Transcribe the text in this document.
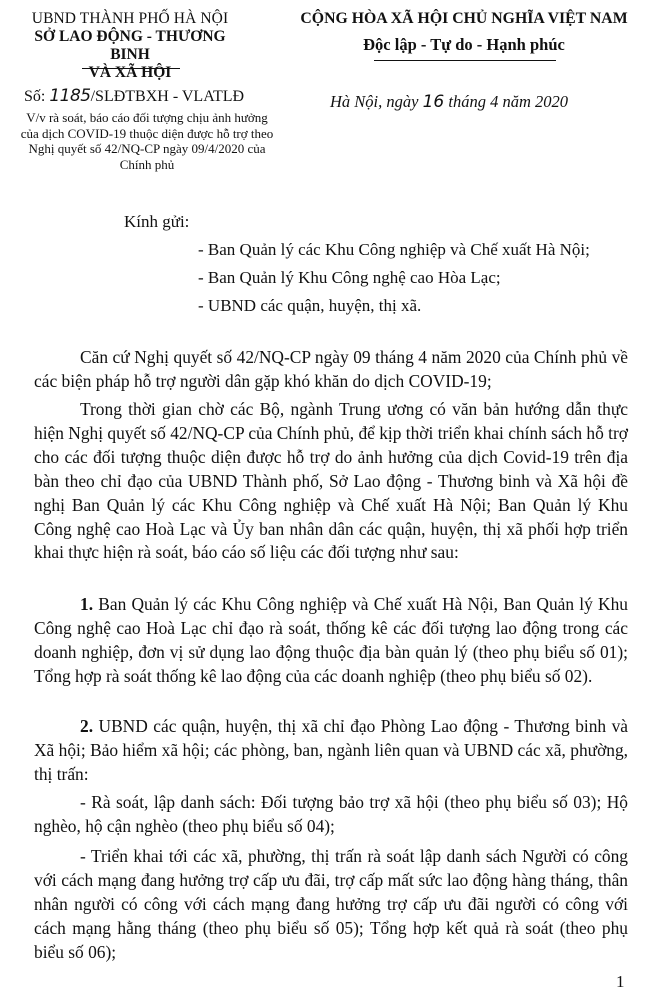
UBND THÀNH PHỐ HÀ NỘI
SỞ LAO ĐỘNG - THƯƠNG BINH
VÀ XÃ HỘI
CỘNG HÒA XÃ HỘI CHỦ NGHĨA VIỆT NAM
Độc lập - Tự do - Hạnh phúc
Số: 1185/SLĐTBXH - VLATLĐ
V/v rà soát, báo cáo đối tượng chịu ảnh hưởng của dịch COVID-19 thuộc diện được hỗ trợ theo Nghị quyết số 42/NQ-CP ngày 09/4/2020 của Chính phủ
Hà Nội, ngày 16 tháng 4 năm 2020
Kính gửi:
- Ban Quản lý các Khu Công nghiệp và Chế xuất Hà Nội;
- Ban Quản lý Khu Công nghệ cao Hòa Lạc;
- UBND các quận, huyện, thị xã.

Căn cứ Nghị quyết số 42/NQ-CP ngày 09 tháng 4 năm 2020 của Chính phủ về các biện pháp hỗ trợ người dân gặp khó khăn do dịch COVID-19;

Trong thời gian chờ các Bộ, ngành Trung ương có văn bản hướng dẫn thực hiện Nghị quyết số 42/NQ-CP của Chính phủ, để kịp thời triển khai chính sách hỗ trợ cho các đối tượng thuộc diện được hỗ trợ do ảnh hưởng của dịch Covid-19 trên địa bàn theo chỉ đạo của UBND Thành phố, Sở Lao động - Thương binh và Xã hội đề nghị Ban Quản lý các Khu Công nghiệp và Chế xuất Hà Nội; Ban Quản lý Khu Công nghệ cao Hoà Lạc và Ủy ban nhân dân các quận, huyện, thị xã phối hợp triển khai thực hiện rà soát, báo cáo số liệu các đối tượng như sau:

1. Ban Quản lý các Khu Công nghiệp và Chế xuất Hà Nội, Ban Quản lý Khu Công nghệ cao Hoà Lạc chỉ đạo rà soát, thống kê các đối tượng lao động trong các doanh nghiệp, đơn vị sử dụng lao động thuộc địa bàn quản lý (theo phụ biểu số 01); Tổng hợp rà soát thống kê lao động của các doanh nghiệp (theo phụ biểu số 02).

2. UBND các quận, huyện, thị xã chỉ đạo Phòng Lao động - Thương binh và Xã hội; Bảo hiểm xã hội; các phòng, ban, ngành liên quan và UBND các xã, phường, thị trấn:

- Rà soát, lập danh sách: Đối tượng bảo trợ xã hội (theo phụ biểu số 03); Hộ nghèo, hộ cận nghèo (theo phụ biểu số 04);

- Triển khai tới các xã, phường, thị trấn rà soát lập danh sách Người có công với cách mạng đang hưởng trợ cấp ưu đãi, trợ cấp mất sức lao động hàng tháng, thân nhân người có công với cách mạng đang hưởng trợ cấp ưu đãi người có công với cách mạng hằng tháng (theo phụ biểu số 05); Tổng hợp kết quả rà soát (theo phụ biểu số 06);

1
